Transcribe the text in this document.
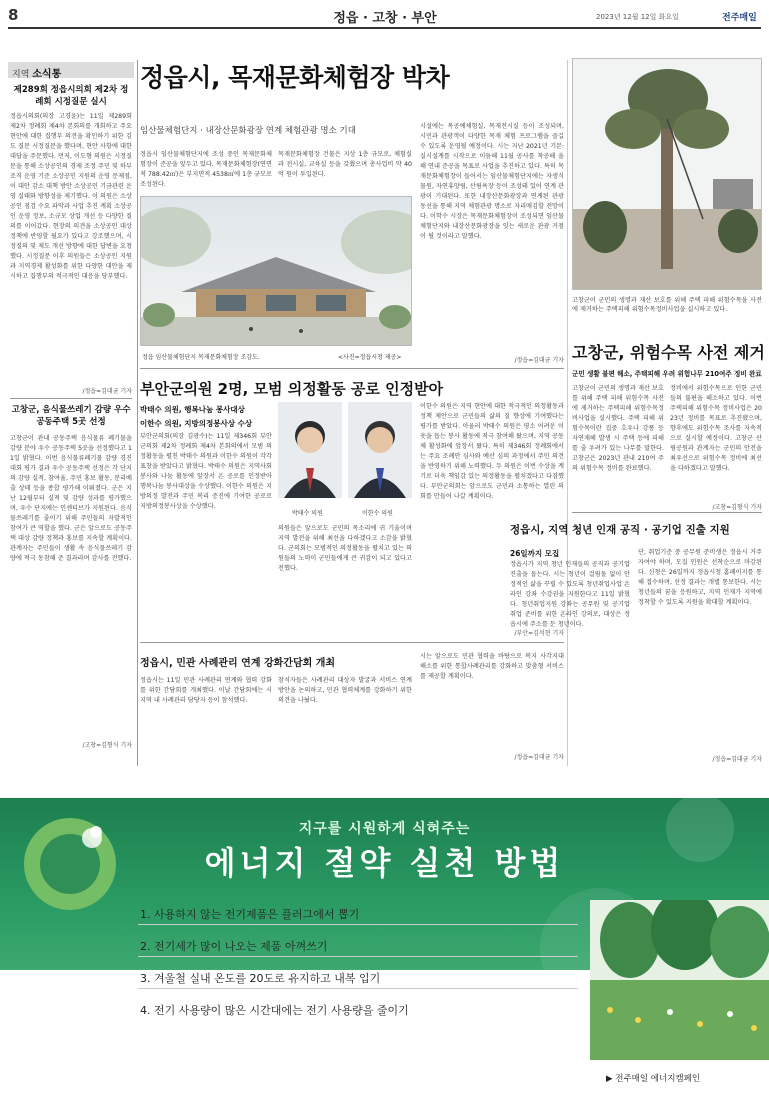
8	정읍 · 고창 · 부안	2023년 12월 12일 화요일	전주매일
지역 소식통
제289회 정읍시의회 제2차 정례회 시정질문 실시
정읍시의회(의장 고경윤)는 11일 제289회 제2차 정례회 제4차 본회의를 개회하고 주요 현안에 대한 집행부 의견을 확인하기 위한 김도 질문 시정질문을 했다며, 현안 사항에 대한 대답을 주문했다. 먼저, 이도형 의원은 시정질문을 통해 소상공인의 경제 조정 주민 및 하부조직 운영 기준 소상공인 지원의 운영 문제점, 이 대안 감소 대책 방안 소상공인 기금관련 운영 실태와 방향성을 제기했다. 이 의원은 소상공인 점검 수요 파악과 사업 추진 계획 소상공인 운영 정보, 소규모 상업 개선 등 다양한 질의를 이어갔다. 현장의 의견을 소상공인 대상 정책에 반영할 필요가 있다고 강조했으며, 시정질의 및 제도 개선 방향에 대한 답변을 요청했다. 시정질문 이후 의원들은 소상공인 지원과 지역경제 활성화를 위한 다양한 대안을 제시하고 집행부의 적극적인 대응을 당부했다.
/정읍=김대균 기자
고창군, 음식물쓰레기 감량 우수 공동주택 5곳 선정
고창군이 관내 공동주택 음식물류 폐기물을 감량 분야 우수 공동주택 5곳을 선정했다고 11일 밝혔다. 이번 음식물류폐기물 감량 경진대회 평가 결과 우수 공동주택 선정은 각 단지의 감량 실적, 참여율, 주민 홍보 활동, 분리배출 상태 등을 종합 평가해 이뤄졌다. 군은 지난 12월부터 실적 및 감량 성과를 평가했으며, 우수 단지에는 인센티브가 지원된다. 음식물쓰레기를 줄이기 위해 주민들의 자발적인 참여가 큰 역할을 했다. 군은 앞으로도 공동주택 대상 감량 정책과 홍보를 지속할 계획이다. 관계자는 주민들이 생활 속 음식물쓰레기 감량에 적극 동참해 준 결과라며 감사를 전했다.
/고창=김형식 기자
정읍시, 목재문화체험장 박차
임산물체험단지 · 내장산문화광장 연계 체험관광 명소 기대
정읍시 임산물체험단지에 조성 중인 목재문화체험장이 준공을 앞두고 있다. 목재문화체험장(연면적 788.42㎡)은 부지면적 4538㎡에 1층 규모로 조성된다.
목재문화체험장 건물은 지상 1층 규모로, 체험실과 전시실, 교육실 등을 갖췄으며 총사업비 약 40억 원이 투입된다.
시설에는 목공예체험실, 목재전시실 등이 조성되며, 시민과 관광객이 다양한 목재 체험 프로그램을 즐길 수 있도록 운영될 예정이다. 시는 지난 2021년 기본·실시설계를 시작으로 이듬해 11월 공사를 착공해 올해 연내 준공을 목표로 사업을 추진하고 있다. 특히 목재문화체험장이 들어서는 임산물체험단지에는 자생식물원, 자연휴양림, 산림욕장 등이 조성돼 있어 연계 관광이 기대된다. 또한 내장산문화광장과 연계된 관광 동선을 통해 지역 체험관광 명소로 자리매김할 전망이다. 이학수 시장은 목재문화체험장이 조성되면 임산물체험단지와 내장산문화광장을 잇는 새로운 관광 거점이 될 것이라고 말했다.
/정읍=김대균 기자
정읍 임산물체험단지 목재문화체험장 조감도.	<사진=정읍시청 제공>
부안군의원 2명, 모범 의정활동 공로 인정받아
박태수 의원, 행복나눔 봉사대상
이한수 의원, 지방의정봉사상 수상
부안군의회(의장 김광수)는 11일 제346회 부안군의회 제2차 정례회 제4차 본회의에서 모범 의정활동을 펼친 박태수 의원과 이한수 의원이 각각 표창을 받았다고 밝혔다. 박태수 의원은 지역사회 봉사와 나눔 활동에 앞장서 온 공로를 인정받아 행복나눔 봉사대상을 수상했다. 이한수 의원은 지방의정 발전과 주민 복리 증진에 기여한 공로로 지방의정봉사상을 수상했다.
박태수 의원	이한수 의원
의원들은 앞으로도 군민의 목소리에 귀 기울이며 지역 발전을 위해 최선을 다하겠다고 소감을 밝혔다. 군의회는 모범적인 의정활동을 펼치고 있는 의원들의 노력이 군민들에게 큰 귀감이 되고 있다고 전했다.
이한수 의원은 지역 현안에 대한 적극적인 의정활동과 정책 제안으로 군민들의 삶의 질 향상에 기여했다는 평가를 받았다. 아울러 박태수 의원은 평소 어려운 이웃을 돕는 봉사 활동에 적극 참여해 왔으며, 지역 공동체 활성화에 앞장서 왔다. 특히 제346회 정례회에서는 주요 조례안 심사와 예산 심의 과정에서 주민 의견을 반영하기 위해 노력했다. 두 의원은 이번 수상을 계기로 더욱 책임감 있는 의정활동을 펼치겠다고 다짐했다. 부안군의회는 앞으로도 군민과 소통하는 열린 의회를 만들어 나갈 계획이다.
/부안=김석현 기자
정읍시, 민관 사례관리 연계 강화간담회 개최
정읍시는 11일 민관 사례관리 연계와 협력 강화를 위한 간담회를 개최했다. 이날 간담회에는 시 지역 내 사례관리 담당자 등이 참석했다.
참석자들은 사례관리 대상자 발굴과 서비스 연계 방안을 논의하고, 민관 협력체계를 강화하기 위한 의견을 나눴다.
시는 앞으로도 민관 협력을 바탕으로 복지 사각지대 해소를 위한 통합사례관리를 강화하고 맞춤형 서비스를 제공할 계획이다.
/정읍=김대균 기자
고창군이 군민의 생명과 재산 보호를 위해 주택 피해 위험수목을 사전에 제거하는 주택피해 위험수목정비사업을 실시하고 있다.
고창군, 위험수목 사전 제거
군민 생활 불편 해소, 주택피해 우려 위험나무 210여주 정비 완료
고창군이 군민의 생명과 재산 보호를 위해 주택 피해 위험수목 사전에 제거하는 주택피해 위험수목정비사업을 실시했다. 주택 피해 위험수목이란 집중 호우나 강풍 등 자연재해 발생 시 주택 등에 피해를 줄 우려가 있는 나무를 말한다. 고창군은 2023년 관내 210여 주의 위험수목 정비를 완료했다.
정비에서 위험수목으로 인한 군민들의 불편을 해소하고 있다. 이번 주택피해 위험수목 정비사업은 2023년 정비를 목표로 추진됐으며, 향후에도 위험수목 조사를 지속적으로 실시할 예정이다. 고창군 산림공원과 관계자는 군민의 안전을 최우선으로 위험수목 정비에 최선을 다하겠다고 말했다.
/고창=김형식 기자
정읍시, 지역 청년 인재 공직 · 공기업 진출 지원
26일까지 모집
정읍시가 지역 청년 인재들의 공직과 공기업 진출을 돕는다. 시는 청년이 걸림돌 없이 안정적인 삶을 꾸릴 수 있도록 청년취업사업 온라인 강좌 수강권을 지원한다고 11일 밝혔다. 청년취업지원 강좌는 공무원 및 공기업 취업 준비를 위한 온라인 강의로, 대상은 정읍시에 주소를 둔 청년이다.
단, 취업기준 중 공무원 준비생은 정읍시 거주자여야 하며, 모집 인원은 선착순으로 마감된다. 신청은 26일까지 정읍시청 홈페이지를 통해 접수하며, 선정 결과는 개별 통보한다. 시는 청년들의 꿈을 응원하고, 지역 인재가 지역에 정착할 수 있도록 지원을 확대할 계획이다.
/정읍=김대균 기자
지구를 시원하게 식혀주는
에너지 절약 실천 방법
1. 사용하지 않는 전기제품은 플러그에서 뽑기
2. 전기세가 많이 나오는 제품 아껴쓰기
3. 겨울철 실내 온도를 20도로 유지하고 내복 입기
4. 전기 사용량이 많은 시간대에는 전기 사용량을 줄이기
▶ 전주매일 에너지캠페인
